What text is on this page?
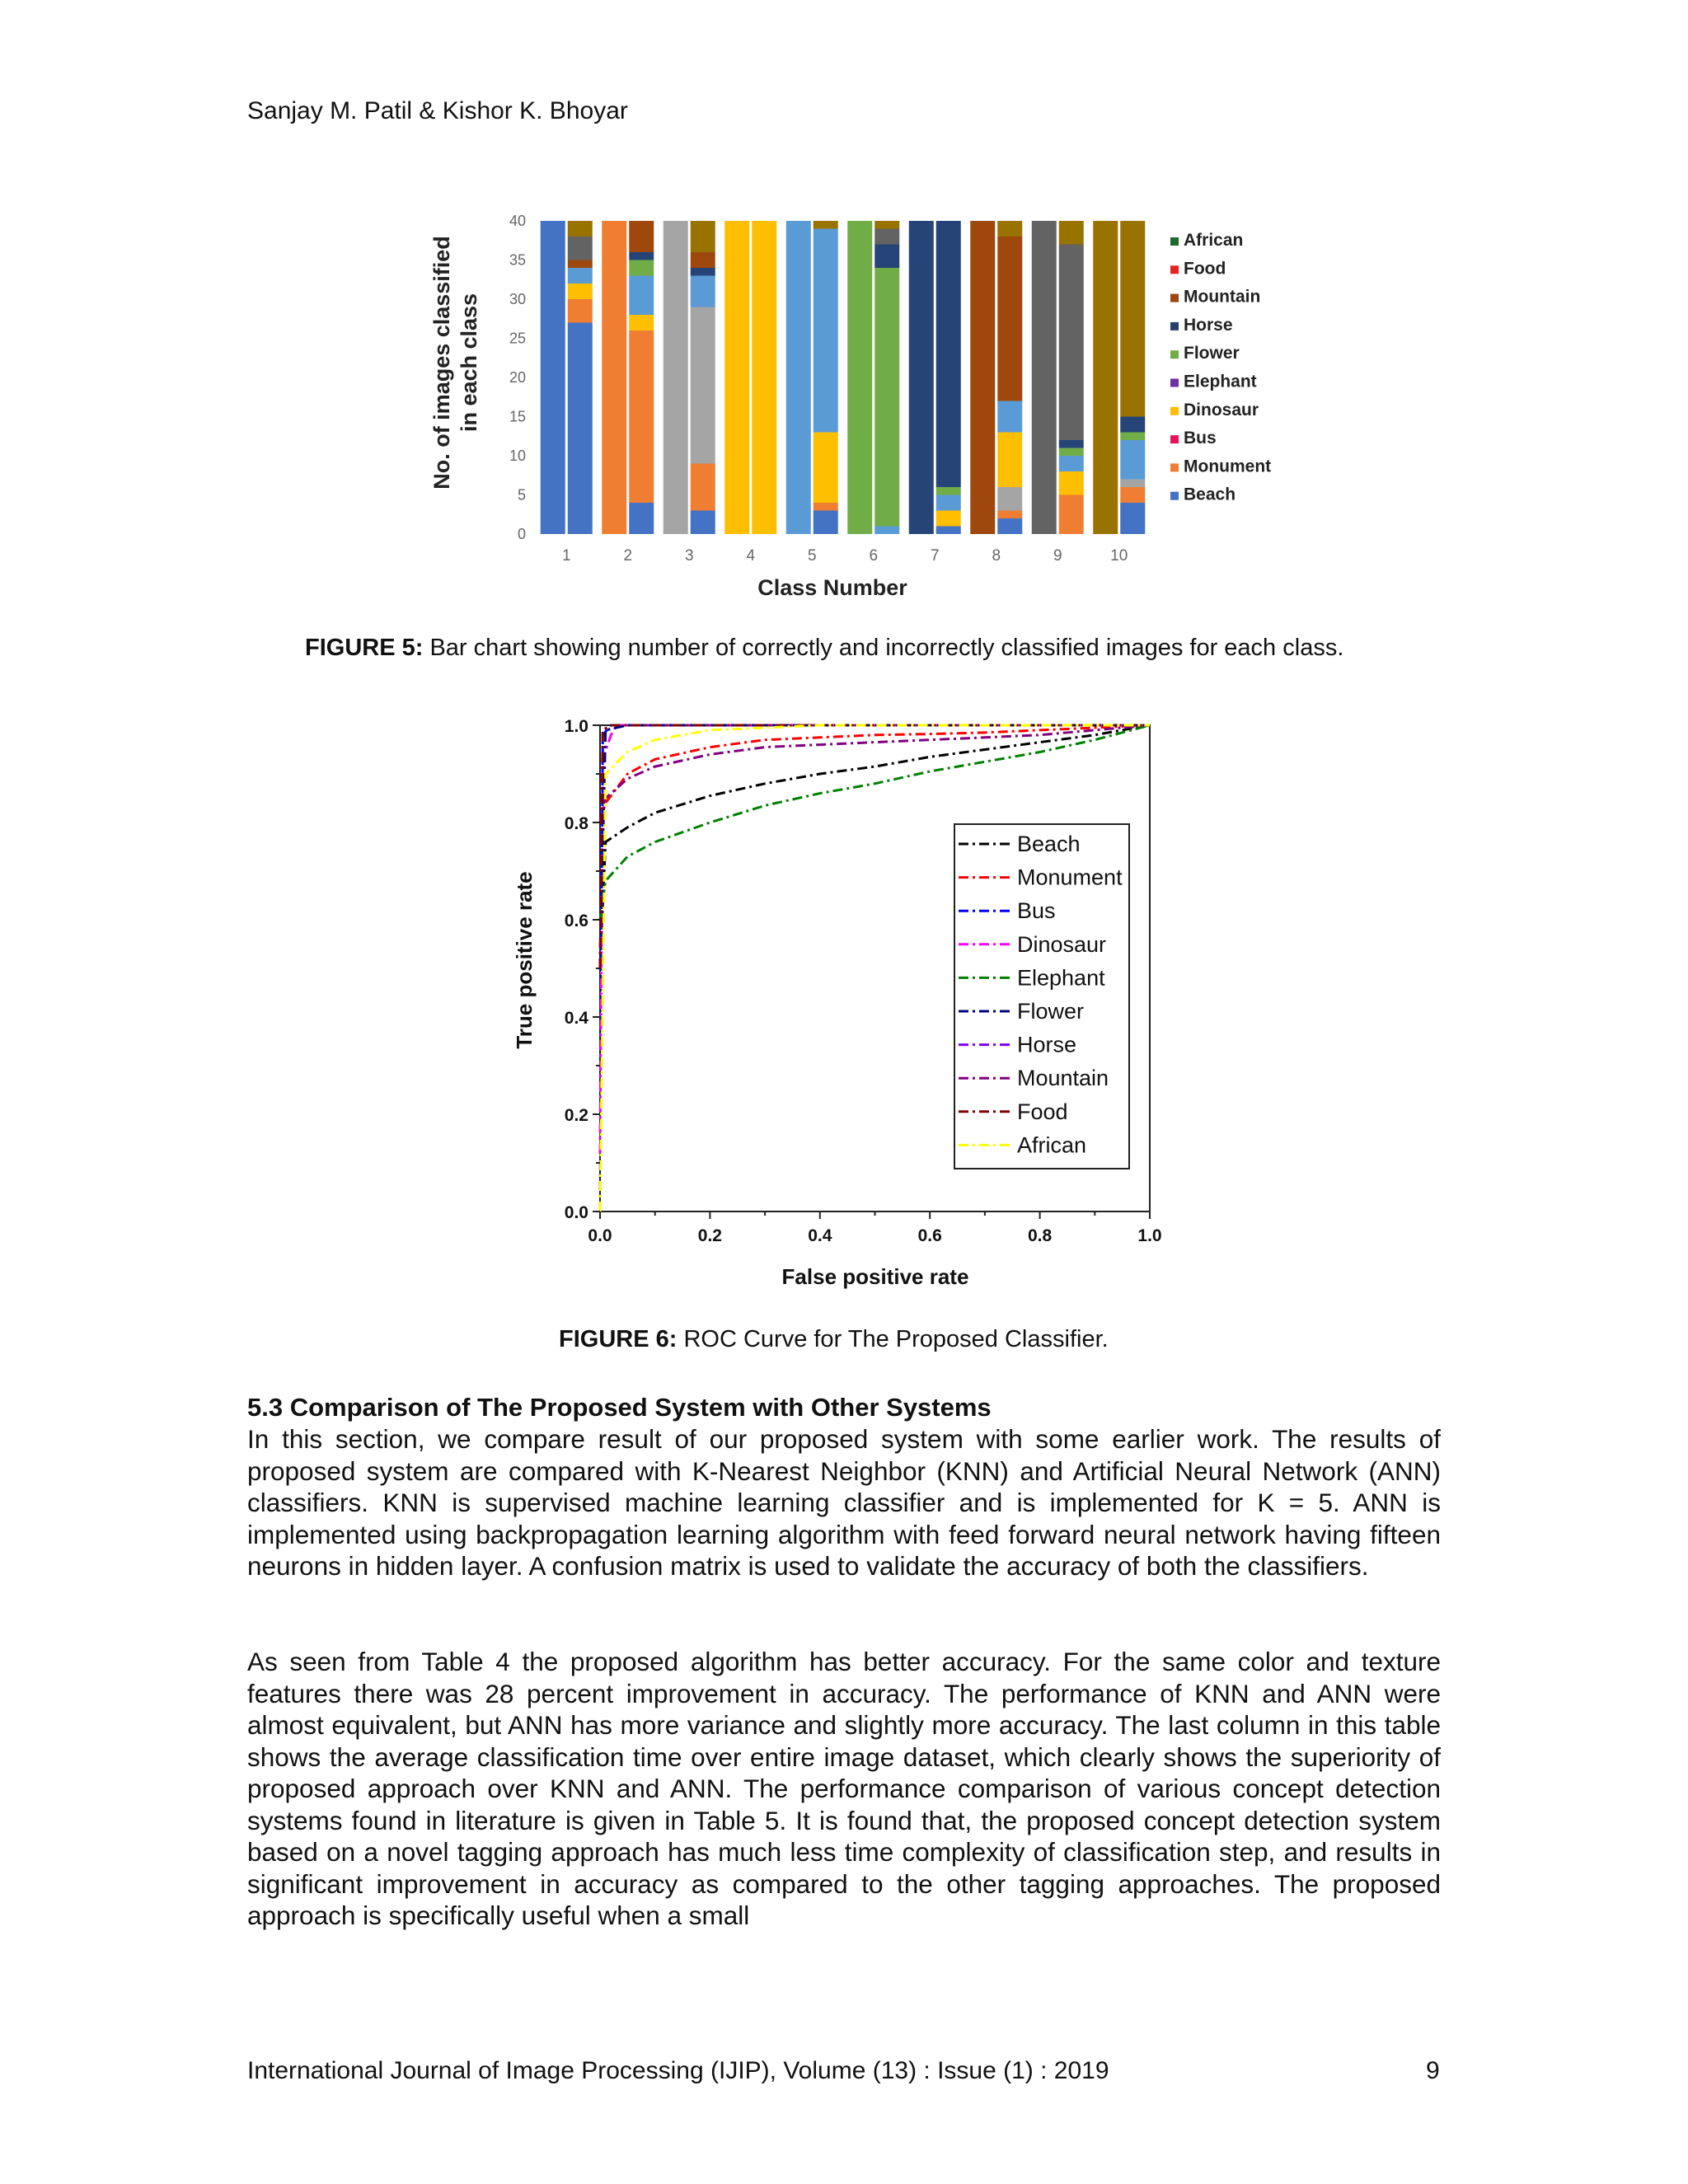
Sanjay M. Patil & Kishor K. Bhoyar
0
5
10
15
20
25
30
35
40
1	2	3	4	5	6	7	8	9	10
African
Food
Mountain
Horse
Flower
Elephant
Dinosaur
Bus
Monument
Beach
Class Number
No. of images classified in each class
FIGURE 5: Bar chart showing number of correctly and incorrectly classified images for each class.
0.0	0.2	0.4	0.6	0.8	1.0
0.0
0.2
0.4
0.6
0.8
1.0
Beach
Monument
Bus
Dinosaur
Elephant
Flower
Horse
Mountain
Food
African
False positive rate
True positive rate
FIGURE 6: ROC Curve for The Proposed Classifier.
5.3 Comparison of The Proposed System with Other Systems
In this section, we compare result of our proposed system with some earlier work. The results of proposed system are compared with K-Nearest Neighbor (KNN) and Artificial Neural Network (ANN) classifiers. KNN is supervised machine learning classifier and is implemented for K = 5. ANN is implemented using backpropagation learning algorithm with feed forward neural network having fifteen neurons in hidden layer. A confusion matrix is used to validate the accuracy of both the classifiers.
As seen from Table 4 the proposed algorithm has better accuracy. For the same color and texture features there was 28 percent improvement in accuracy. The performance of KNN and ANN were almost equivalent, but ANN has more variance and slightly more accuracy. The last column in this table shows the average classification time over entire image dataset, which clearly shows the superiority of proposed approach over KNN and ANN. The performance comparison of various concept detection systems found in literature is given in Table 5. It is found that, the proposed concept detection system based on a novel tagging approach has much less time complexity of classification step, and results in significant improvement in accuracy as compared to the other tagging approaches. The proposed approach is specifically useful when a small
International Journal of Image Processing (IJIP), Volume (13) : Issue (1) : 2019	9
